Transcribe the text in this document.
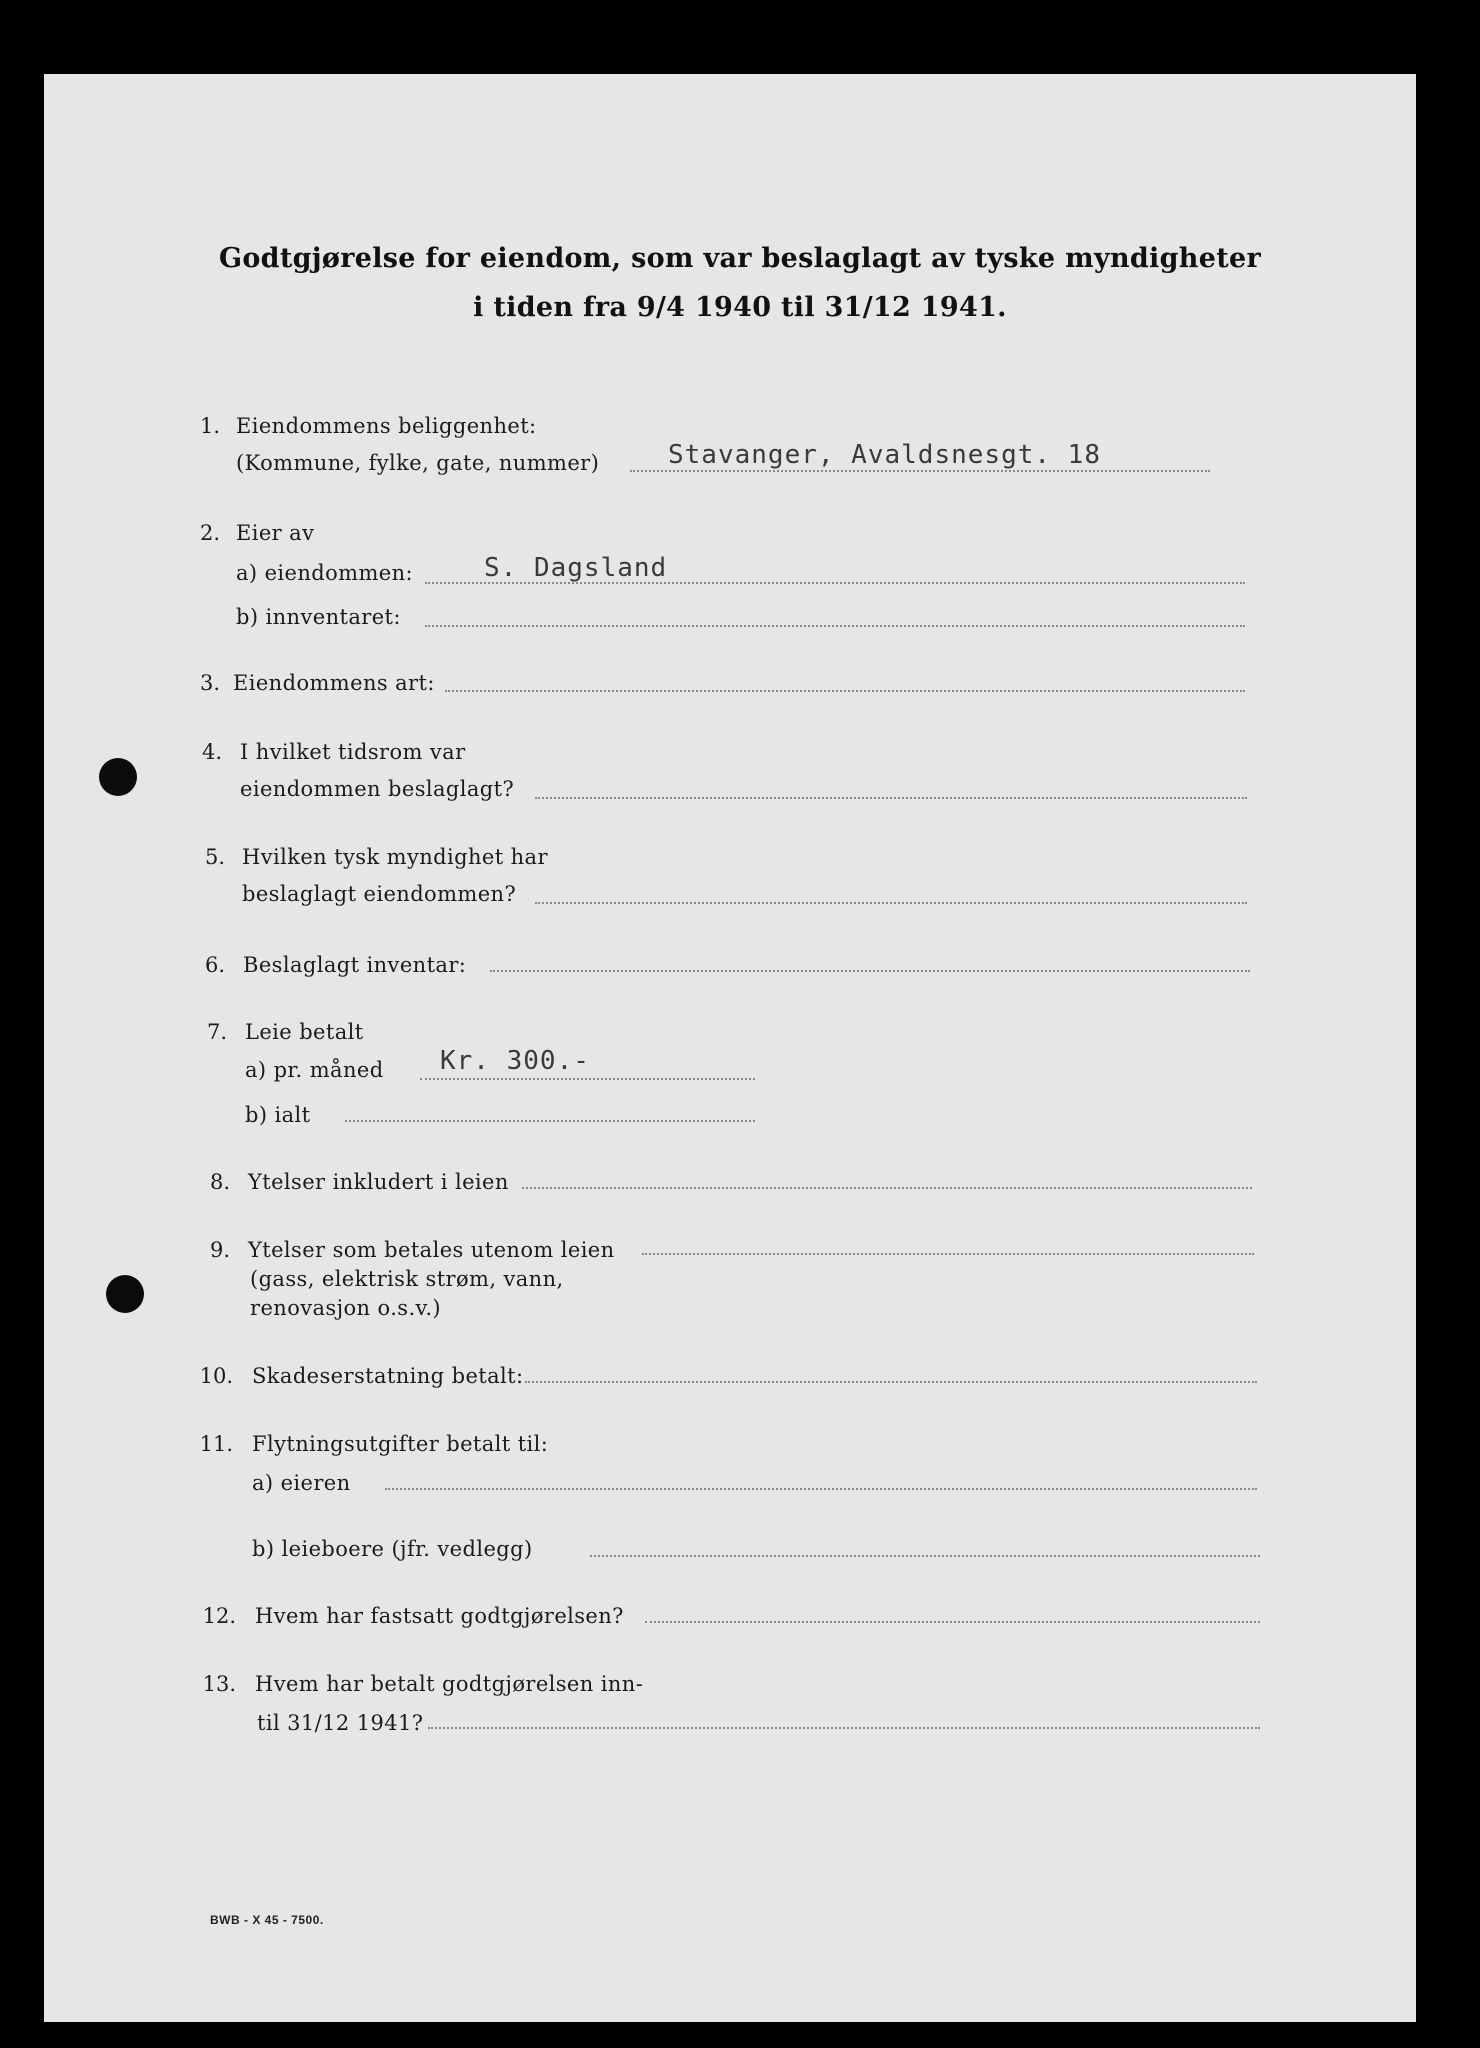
Godtgjørelse for eiendom, som var beslaglagt av tyske myndigheter
i tiden fra 9/4 1940 til 31/12 1941.
1. Eiendommens beliggenhet:
(Kommune, fylke, gate, nummer)	Stavanger, Avaldsnesgt. 18
2. Eier av
a) eiendommen:	S. Dagsland
b) innventaret:
3. Eiendommens art:
4. I hvilket tidsrom var
eiendommen beslaglagt?
5. Hvilken tysk myndighet har
beslaglagt eiendommen?
6. Beslaglagt inventar:
7. Leie betalt
a) pr. måned Kr. 300.-
b) ialt
8. Ytelser inkludert i leien
9. Ytelser som betales utenom leien
(gass, elektrisk strøm, vann,
renovasjon o.s.v.)
10. Skadeserstatning betalt:
11. Flytningsutgifter betalt til:
a) eieren
b) leieboere (jfr. vedlegg)
12. Hvem har fastsatt godtgjørelsen?
13. Hvem har betalt godtgjørelsen inn-
til 31/12 1941?
BWB - X 45 - 7500.
